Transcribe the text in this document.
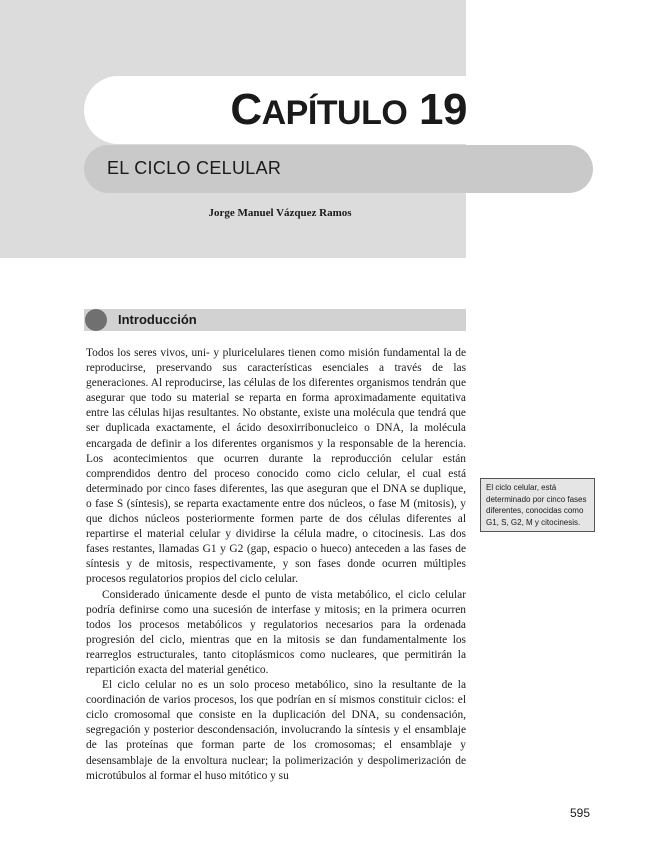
CAPÍTULO 19
EL CICLO CELULAR
Jorge Manuel Vázquez Ramos
Introducción

Todos los seres vivos, uni- y pluricelulares tienen como misión fundamental la de reproducirse, preservando sus características esenciales a través de las generaciones. Al reproducirse, las células de los diferentes organismos tendrán que asegurar que todo su material se reparta en forma aproximadamente equitativa entre las células hijas resultantes. No obstante, existe una molécula que tendrá que ser duplicada exactamente, el ácido desoxirribonucleico o DNA, la molécula encargada de definir a los diferentes organismos y la responsable de la herencia. Los acontecimientos que ocurren durante la reproducción celular están comprendidos dentro del proceso conocido como ciclo celular, el cual está determinado por cinco fases diferentes, las que aseguran que el DNA se duplique, o fase S (síntesis), se reparta exactamente entre dos núcleos, o fase M (mitosis), y que dichos núcleos posteriormente formen parte de dos células diferentes al repartirse el material celular y dividirse la célula madre, o citocinesis. Las dos fases restantes, llamadas G1 y G2 (gap, espacio o hueco) anteceden a las fases de síntesis y de mitosis, respectivamente, y son fases donde ocurren múltiples procesos regulatorios propios del ciclo celular.

Considerado únicamente desde el punto de vista metabólico, el ciclo celular podría definirse como una sucesión de interfase y mitosis; en la primera ocurren todos los procesos metabólicos y regulatorios necesarios para la ordenada progresión del ciclo, mientras que en la mitosis se dan fundamentalmente los rearreglos estructurales, tanto citoplásmicos como nucleares, que permitirán la repartición exacta del material genético.

El ciclo celular no es un solo proceso metabólico, sino la resultante de la coordinación de varios procesos, los que podrían en sí mismos constituir ciclos: el ciclo cromosomal que consiste en la duplicación del DNA, su condensación, segregación y posterior descondensación, involucrando la síntesis y el ensamblaje de las proteínas que forman parte de los cromosomas; el ensamblaje y desensamblaje de la envoltura nuclear; la polimerización y despolimerización de microtúbulos al formar el huso mitótico y su

El ciclo celular, está determinado por cinco fases diferentes, conocidas como G1, S, G2, M y citocinesis.
595
